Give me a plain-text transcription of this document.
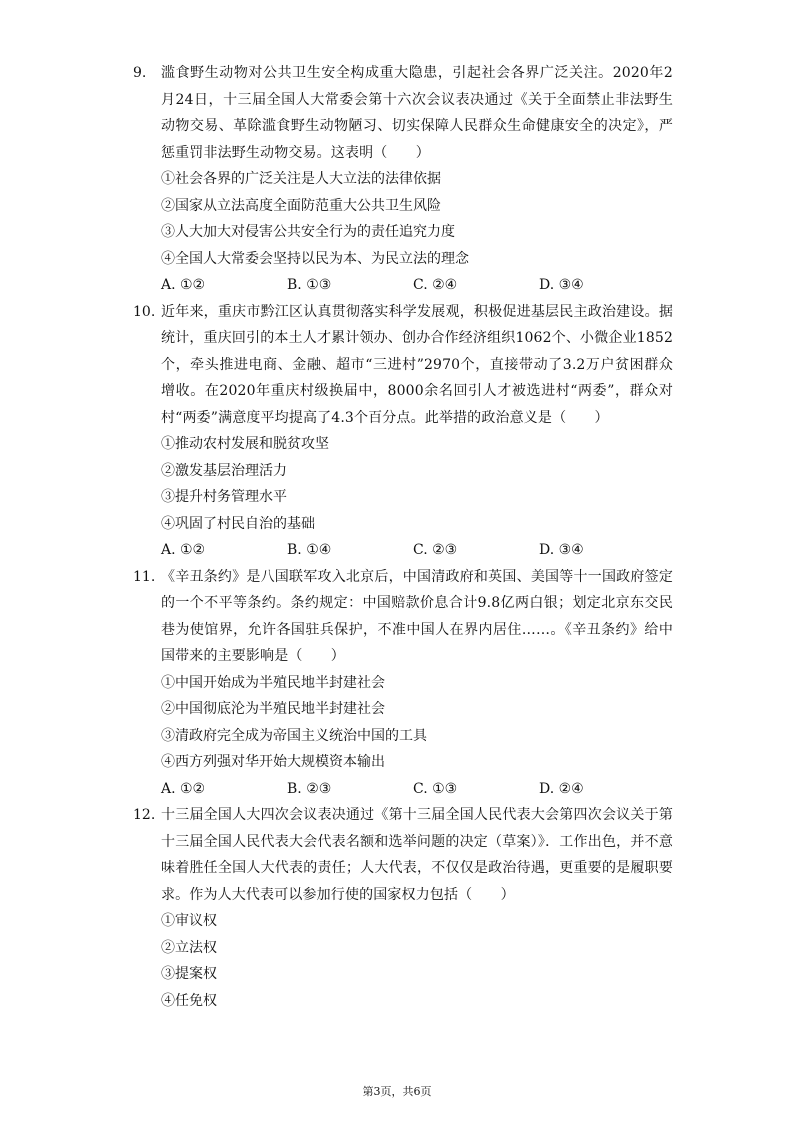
9.	滥食野生动物对公共卫生安全构成重大隐患，引起社会各界广泛关注。2020年2月24日，十三届全国人大常委会第十六次会议表决通过《关于全面禁止非法野生动物交易、革除滥食野生动物陋习、切实保障人民群众生命健康安全的决定》，严惩重罚非法野生动物交易。这表明（　　）
①社会各界的广泛关注是人大立法的法律依据
②国家从立法高度全面防范重大公共卫生风险
③人大加大对侵害公共安全行为的责任追究力度
④全国人大常委会坚持以民为本、为民立法的理念
A. ①②	B. ①③	C. ②④	D. ③④
10. 近年来，重庆市黔江区认真贯彻落实科学发展观，积极促进基层民主政治建设。据统计，重庆回引的本土人才累计领办、创办合作经济组织1062个、小微企业1852个，牵头推进电商、金融、超市“三进村”2970个，直接带动了3.2万户贫困群众增收。在2020年重庆村级换届中，8000余名回引人才被选进村“两委”，群众对村“两委”满意度平均提高了4.3个百分点。此举措的政治意义是（　　）
①推动农村发展和脱贫攻坚
②激发基层治理活力
③提升村务管理水平
④巩固了村民自治的基础
A. ①②	B. ①④	C. ②③	D. ③④
11. 《辛丑条约》是八国联军攻入北京后，中国清政府和英国、美国等十一国政府签定的一个不平等条约。条约规定：中国赔款价息合计9.8亿两白银；划定北京东交民巷为使馆界，允许各国驻兵保护，不准中国人在界内居住……。《辛丑条约》给中国带来的主要影响是（　　）
①中国开始成为半殖民地半封建社会
②中国彻底沦为半殖民地半封建社会
③清政府完全成为帝国主义统治中国的工具
④西方列强对华开始大规模资本输出
A. ①②	B. ②③	C. ①③	D. ②④
12. 十三届全国人大四次会议表决通过《第十三届全国人民代表大会第四次会议关于第十三届全国人民代表大会代表名额和选举问题的决定（草案）》．工作出色，并不意味着胜任全国人大代表的责任；人大代表，不仅仅是政治待遇，更重要的是履职要求。作为人大代表可以参加行使的国家权力包括（　　）
①审议权
②立法权
③提案权
④任免权
第3页，共6页
